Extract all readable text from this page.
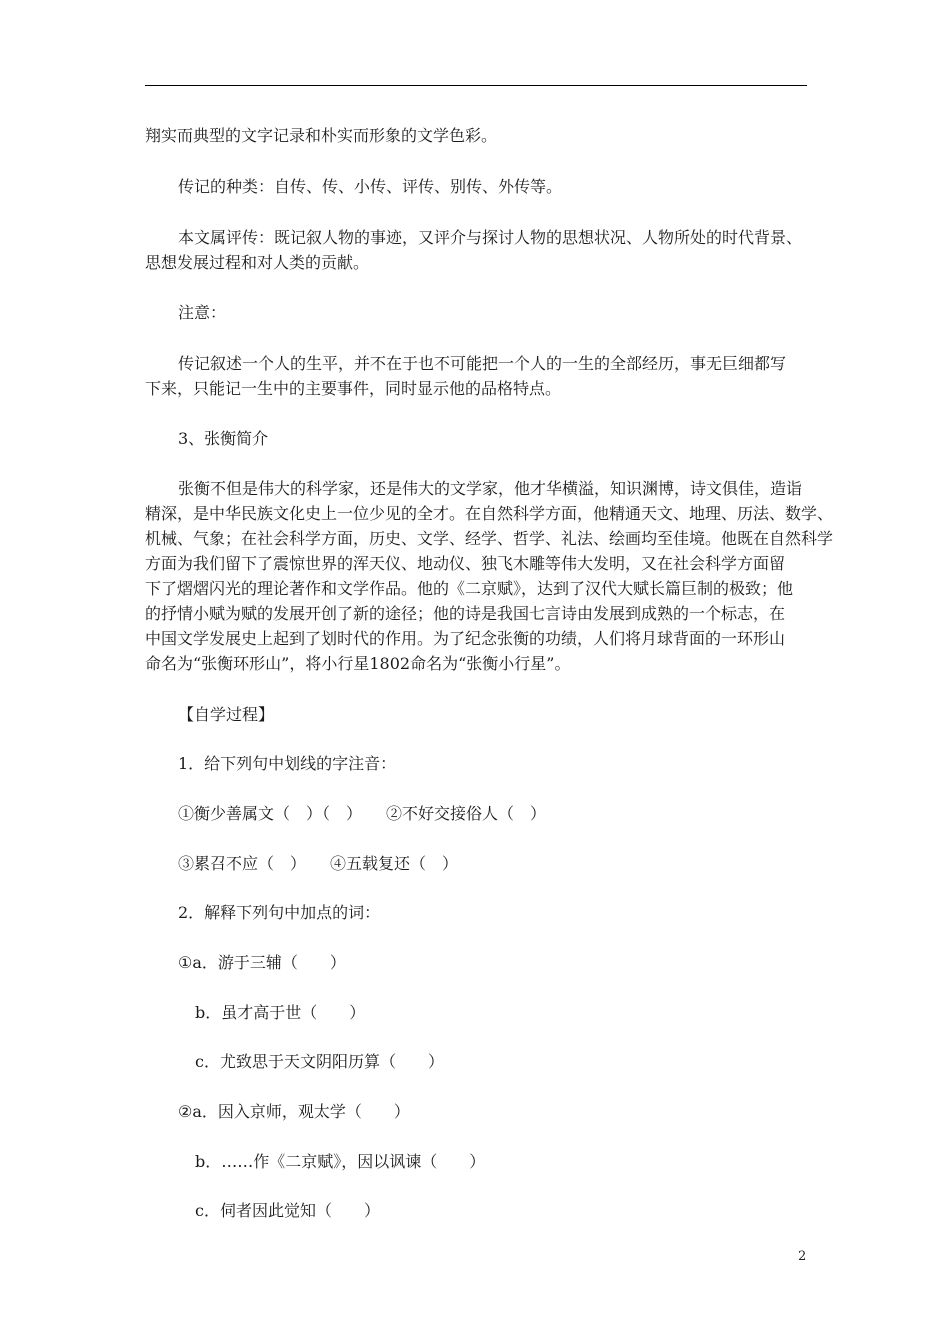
翔实而典型的文字记录和朴实而形象的文学色彩。
传记的种类：自传、传、小传、评传、别传、外传等。
本文属评传：既记叙人物的事迹，又评介与探讨人物的思想状况、人物所处的时代背景、
思想发展过程和对人类的贡献。
注意：
传记叙述一个人的生平，并不在于也不可能把一个人的一生的全部经历，事无巨细都写
下来，只能记一生中的主要事件，同时显示他的品格特点。
3、张衡简介
张衡不但是伟大的科学家，还是伟大的文学家，他才华横溢，知识渊博，诗文俱佳，造诣
精深，是中华民族文化史上一位少见的全才。在自然科学方面，他精通天文、地理、历法、数学、
机械、气象；在社会科学方面，历史、文学、经学、哲学、礼法、绘画均至佳境。他既在自然科学
方面为我们留下了震惊世界的浑天仪、地动仪、独飞木雕等伟大发明，又在社会科学方面留
下了熠熠闪光的理论著作和文学作品。他的《二京赋》，达到了汉代大赋长篇巨制的极致；他
的抒情小赋为赋的发展开创了新的途径；他的诗是我国七言诗由发展到成熟的一个标志，在
中国文学发展史上起到了划时代的作用。为了纪念张衡的功绩，人们将月球背面的一环形山
命名为“张衡环形山”，将小行星1802命名为“张衡小行星”。
【自学过程】
1．给下列句中划线的字注音：
①衡少善属文（　）（　）　　②不好交接俗人（　）
③累召不应（　）　　④五载复还（　）
2．解释下列句中加点的词：
①a．游于三辅（　　）
b．虽才高于世（　　）
c．尤致思于天文阴阳历算（　　）
②a．因入京师，观太学（　　）
b．……作《二京赋》，因以讽谏（　　）
c．伺者因此觉知（　　）
2
